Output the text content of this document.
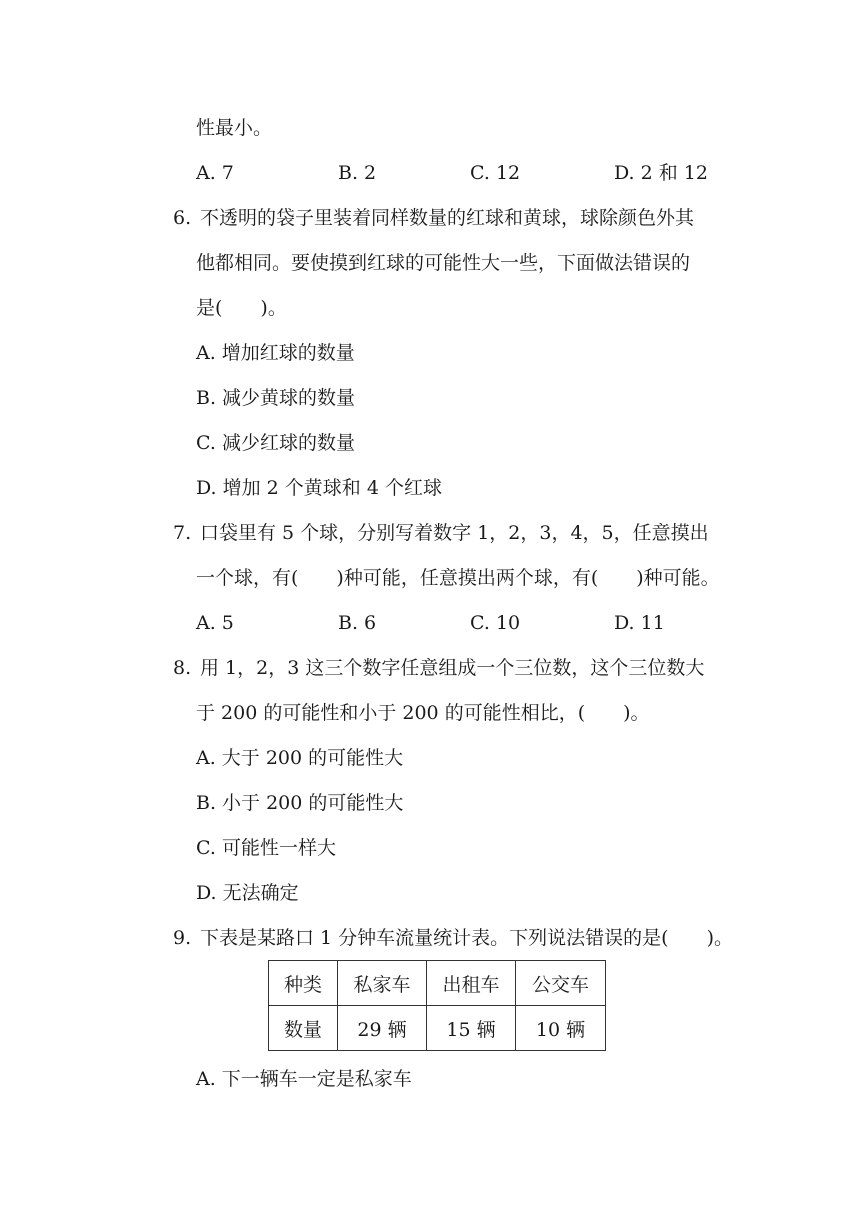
性最小。
A. 7	B. 2	C. 12	D. 2 和 12
6. 不透明的袋子里装着同样数量的红球和黄球，球除颜色外其
他都相同。要使摸到红球的可能性大一些，下面做法错误的
是(　　)。
A. 增加红球的数量
B. 减少黄球的数量
C. 减少红球的数量
D. 增加 2 个黄球和 4 个红球
7. 口袋里有 5 个球，分别写着数字 1，2，3，4，5，任意摸出
一个球，有(　　)种可能，任意摸出两个球，有(　　)种可能。
A. 5	B. 6	C. 10	D. 11
8. 用 1，2，3 这三个数字任意组成一个三位数，这个三位数大
于 200 的可能性和小于 200 的可能性相比，(　　)。
A. 大于 200 的可能性大
B. 小于 200 的可能性大
C. 可能性一样大
D. 无法确定
9. 下表是某路口 1 分钟车流量统计表。下列说法错误的是(　　)。
种类	私家车	出租车	公交车
数量	29 辆	15 辆	10 辆
A. 下一辆车一定是私家车
